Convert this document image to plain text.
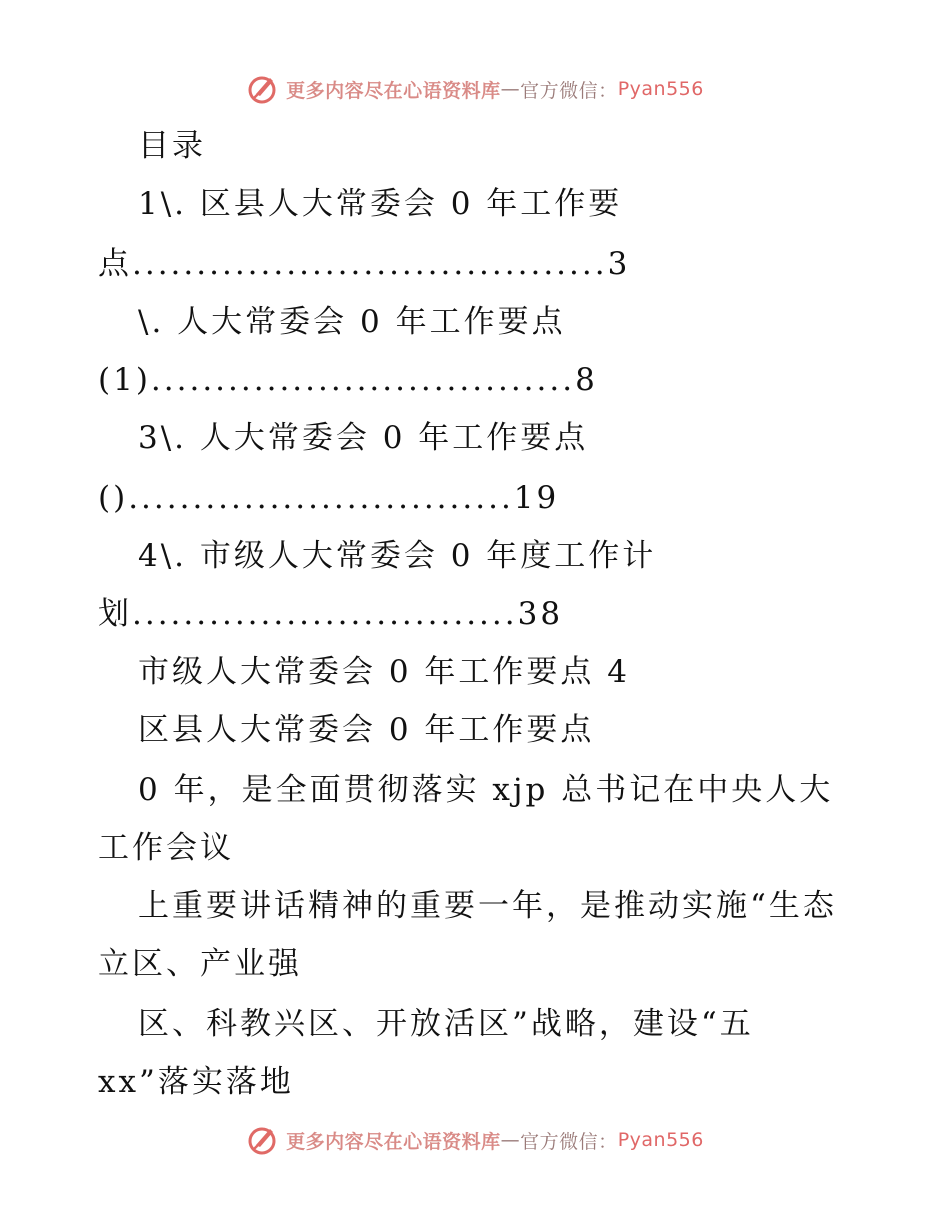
更多内容尽在心语资料库 — 官方微信： Pyan556
目录
1\. 区县人大常委会 0 年工作要
点.....................................3
\. 人大常委会 0 年工作要点
(1).................................8
3\. 人大常委会 0 年工作要点
()..............................19
4\. 市级人大常委会 0 年度工作计
划..............................38
市级人大常委会 0 年工作要点 4
区县人大常委会 0 年工作要点
0 年，是全面贯彻落实 xjp 总书记在中央人大
工作会议
上重要讲话精神的重要一年，是推动实施“生态
立区、产业强
区、科教兴区、开放活区”战略，建设“五
xx”落实落地
更多内容尽在心语资料库 — 官方微信： Pyan556
